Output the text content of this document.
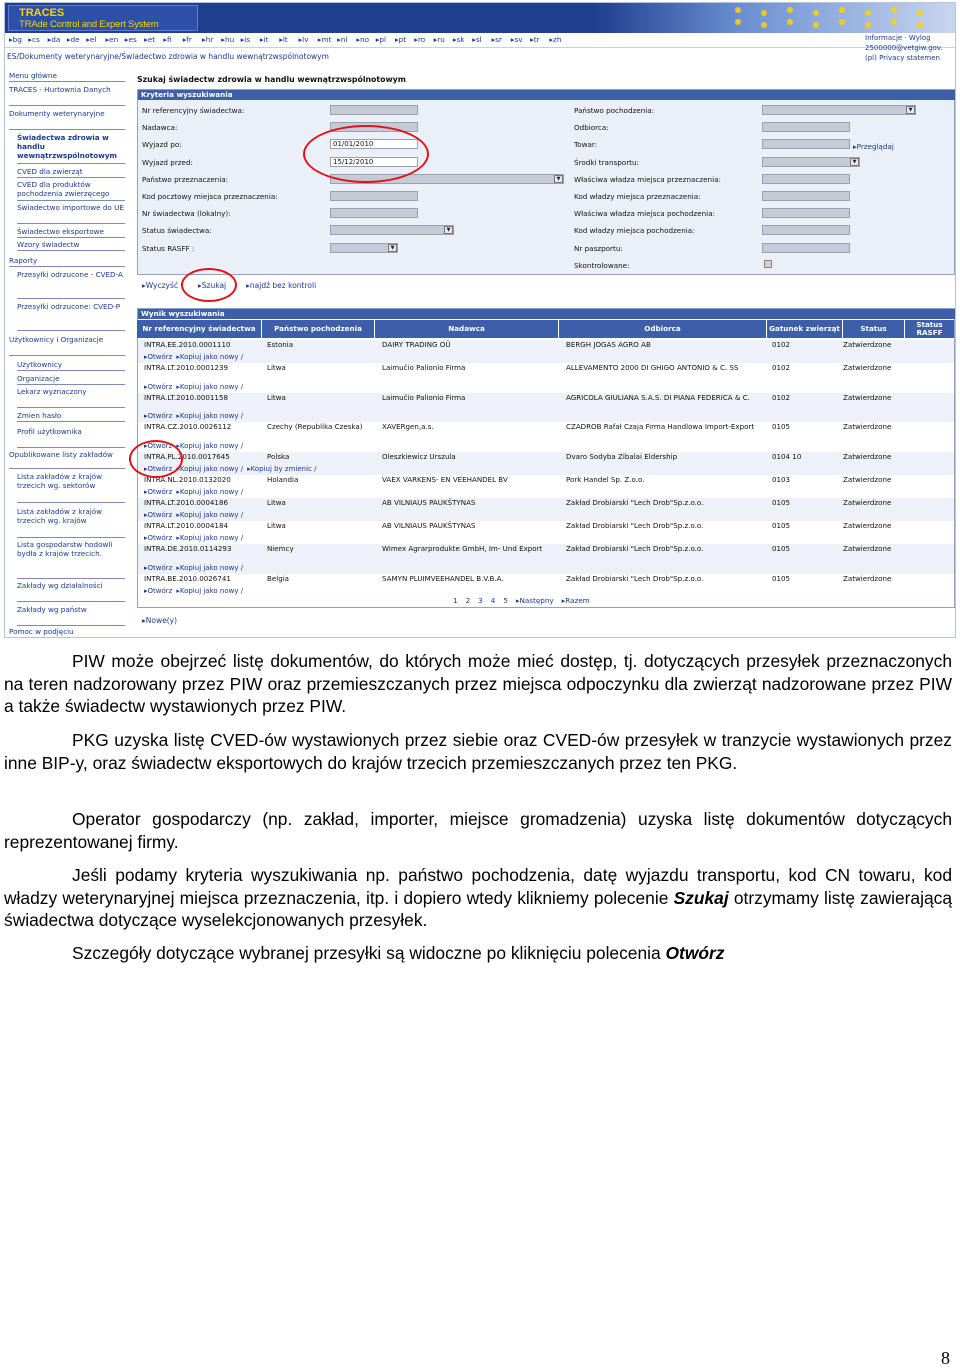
TRACES
TRAde Control and Expert System
▸bg ▸cs ▸da ▸de ▸el ▸en ▸es ▸et ▸fi ▸fr ▸hr ▸hu ▸is ▸it ▸lt ▸lv ▸mt ▸nl ▸no ▸pl ▸pt ▸ro ▸ru ▸sk ▸sl ▸sr ▸sv ▸tr ▸zh	Informacje · Wylog
2500000@vetgiw.gov.
(pl) Privacy statemen
ES/Dokumenty weterynaryjne/Świadectwo zdrowia w handlu wewnątrzwspólnotowym
Menu główne
TRACES - Hurtownia Danych
Dokumenty weterynaryjne
Świadectwa zdrowia w handlu wewnątrzwspólnotowym
CVED dla zwierząt
CVED dla produktów pochodzenia zwierzęcego
Świadectwo importowe do UE
Świadectwo eksportowe
Wzory świadectw
Raporty
Przesyłki odrzucone - CVED-A
Przesyłki odrzucone: CVED-P
Użytkownicy i Organizacje
Użytkownicy
Organizacje
Lekarz wyznaczony
Zmien hasło
Profil użytkownika
Opublikowane listy zakładów
Lista zakładów z krajów trzecich wg. sektorów
Lista zakładów z krajów trzecich wg. krajów
Lista gospodarstw hodowli bydła z krajów trzecich.
Zakłady wg działalności
Zakłady wg państw
Pomoc w podjęciu
Szukaj świadectw zdrowia w handlu wewnątrzwspólnotowym
Kryteria wyszukiwania
Nr referencyjny świadectwa:
Nadawca:
Wyjazd po:	01/01/2010
Wyjazd przed:	15/12/2010
Państwo przeznaczenia:	▼
Kod pocztowy miejsca przeznaczenia:
Nr świadectwa (lokalny):
Status świadectwa:	▼
Status RASFF :	▼
Państwo pochodzenia:	▼
Odbiorca:
Towar:
Środki transportu:	▼
Właściwa władza miejsca przeznaczenia:
Kod władzy miejsca przeznaczenia:
Właściwa władza miejsca pochodzenia:
Kod władzy miejsca pochodzenia:
Nr paszportu:
Skontrolowane:
▸Przeglądaj
▸Wyczyść	▸Szukaj	▸najdź bez kontroli
Wynik wyszukiwania
Nr referencyjny świadectwa	Państwo pochodzenia	Nadawca	Odbiorca	Gatunek zwierząt	Status	Status RASFF
INTRA.EE.2010.0001110	Estonia	DAIRY TRADING OÜ	BERGH JOGAS AGRO AB	0102	Zatwierdzone
▸Otwórz ▸Kopiuj jako nowy /
INTRA.LT.2010.0001239	Litwa	Laimučio Palionio Firma	ALLEVAMENTO 2000 DI GHIGO ANTONIO & C. SS	0102	Zatwierdzone
▸Otwórz ▸Kopiuj jako nowy /
INTRA.LT.2010.0001158	Litwa	Laimučio Palionio Firma	AGRICOLA GIULIANA S.A.S. DI PIANA FEDERICA & C.	0102	Zatwierdzone
▸Otwórz ▸Kopiuj jako nowy /
INTRA.CZ.2010.0026112	Czechy (Republika Czeska)	XAVERgen,a.s.	CZADROB Rafał Czaja Firma Handlowa Import-Export	0105	Zatwierdzone
▸Otwórz ▸Kopiuj jako nowy /
INTRA.PL.2010.0017645	Polska	Oleszkiewicz Urszula	Dvaro Sodyba Zibalai Eldership	0104 10	Zatwierdzone
▸Otwórz ▸Kopiuj jako nowy / ▸Kopiuj by zmienic /
INTRA.NL.2010.0132020	Holandia	VAEX VARKENS- EN VEEHANDEL BV	Pork Handel Sp. Z.o.o.	0103	Zatwierdzone
▸Otwórz ▸Kopiuj jako nowy /
INTRA.LT.2010.0004186	Litwa	AB VILNIAUS PAUKŠTYNAS	Zakład Drobiarski "Lech Drob"Sp.z.o.o.	0105	Zatwierdzone
▸Otwórz ▸Kopiuj jako nowy /
INTRA.LT.2010.0004184	Litwa	AB VILNIAUS PAUKŠTYNAS	Zakład Drobiarski "Lech Drob"Sp.z.o.o.	0105	Zatwierdzone
▸Otwórz ▸Kopiuj jako nowy /
INTRA.DE.2010.0114293	Niemcy	Wimex Agrarprodukte GmbH, Im- Und Export	Zakład Drobiarski "Lech Drob"Sp.z.o.o.	0105	Zatwierdzone
▸Otwórz ▸Kopiuj jako nowy /
INTRA.BE.2010.0026741	Belgia	SAMYN PLUIMVEEHANDEL B.V.B.A.	Zakład Drobiarski "Lech Drob"Sp.z.o.o.	0105	Zatwierdzone
▸Otwórz ▸Kopiuj jako nowy /
1 2 3 4 5 ▸Następny ▸Razem
▸Nowe(y)
PIW może obejrzeć listę dokumentów, do których może mieć dostęp, tj. dotyczących przesyłek przeznaczonych na teren nadzorowany przez PIW oraz przemieszczanych przez miejsca odpoczynku dla zwierząt nadzorowane przez PIW a także świadectw wystawionych przez PIW.
PKG uzyska listę CVED-ów wystawionych przez siebie oraz CVED-ów przesyłek w tranzycie wystawionych przez inne BIP-y, oraz świadectw eksportowych do krajów trzecich przemieszczanych przez ten PKG.
Operator gospodarczy (np. zakład, importer, miejsce gromadzenia) uzyska listę dokumentów dotyczących reprezentowanej firmy.
Jeśli podamy kryteria wyszukiwania np. państwo pochodzenia, datę wyjazdu transportu, kod CN towaru, kod władzy weterynaryjnej miejsca przeznaczenia, itp. i dopiero wtedy klikniemy polecenie Szukaj otrzymamy listę zawierającą świadectwa dotyczące wyselekcjonowanych przesyłek.
Szczegóły dotyczące wybranej przesyłki są widoczne po kliknięciu polecenia Otwórz
8
